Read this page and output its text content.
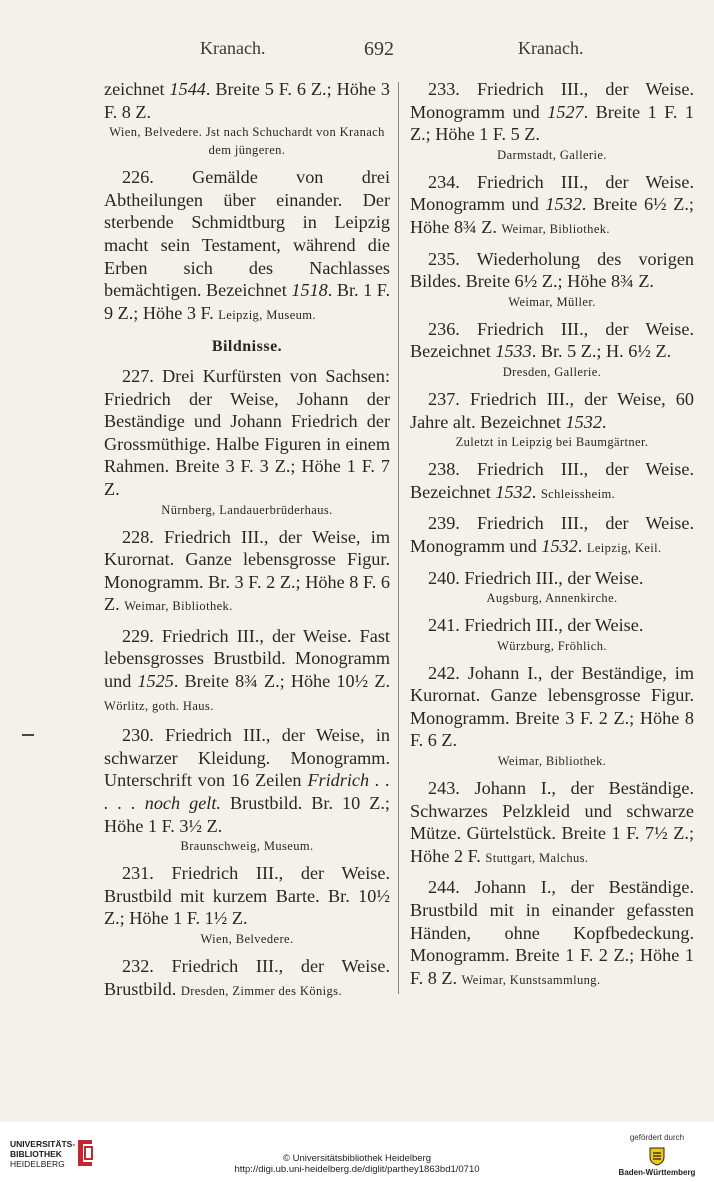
Kranach.	692	Kranach.

zeichnet 1544. Breite 5 F. 6 Z.; Höhe 3 F. 8 Z.
Wien, Belvedere. Jst nach Schuchardt von Kranach dem jüngeren.

226. Gemälde von drei Abtheilungen über einander. Der sterbende Schmidtburg in Leipzig macht sein Testament, während die Erben sich des Nachlasses bemächtigen. Bezeichnet 1518. Br. 1 F. 9 Z.; Höhe 3 F. Leipzig, Museum.

Bildnisse.

227. Drei Kurfürsten von Sachsen: Friedrich der Weise, Johann der Beständige und Johann Friedrich der Grossmüthige. Halbe Figuren in einem Rahmen. Breite 3 F. 3 Z.; Höhe 1 F. 7 Z.
Nürnberg, Landauerbrüderhaus.

228. Friedrich III., der Weise, im Kurornat. Ganze lebensgrosse Figur. Monogramm. Br. 3 F. 2 Z.; Höhe 8 F. 6 Z. Weimar, Bibliothek.

229. Friedrich III., der Weise. Fast lebensgrosses Brustbild. Monogramm und 1525. Breite 8¾ Z.; Höhe 10½ Z. Wörlitz, goth. Haus.

230. Friedrich III., der Weise, in schwarzer Kleidung. Monogramm. Unterschrift von 16 Zeilen Fridrich . . . . . noch gelt. Brustbild. Br. 10 Z.; Höhe 1 F. 3½ Z.
Braunschweig, Museum.

231. Friedrich III., der Weise. Brustbild mit kurzem Barte. Br. 10½ Z.; Höhe 1 F. 1½ Z.
Wien, Belvedere.

232. Friedrich III., der Weise. Brustbild. Dresden, Zimmer des Königs.

233. Friedrich III., der Weise. Monogramm und 1527. Breite 1 F. 1 Z.; Höhe 1 F. 5 Z.
Darmstadt, Gallerie.

234. Friedrich III., der Weise. Monogramm und 1532. Breite 6½ Z.; Höhe 8¾ Z. Weimar, Bibliothek.

235. Wiederholung des vorigen Bildes. Breite 6½ Z.; Höhe 8¾ Z.
Weimar, Müller.

236. Friedrich III., der Weise. Bezeichnet 1533. Br. 5 Z.; H. 6½ Z.
Dresden, Gallerie.

237. Friedrich III., der Weise, 60 Jahre alt. Bezeichnet 1532.
Zuletzt in Leipzig bei Baumgärtner.

238. Friedrich III., der Weise. Bezeichnet 1532. Schleissheim.

239. Friedrich III., der Weise. Monogramm und 1532. Leipzig, Keil.

240. Friedrich III., der Weise.
Augsburg, Annenkirche.

241. Friedrich III., der Weise.
Würzburg, Fröhlich.

242. Johann I., der Beständige, im Kurornat. Ganze lebensgrosse Figur. Monogramm. Breite 3 F. 2 Z.; Höhe 8 F. 6 Z.
Weimar, Bibliothek.

243. Johann I., der Beständige. Schwarzes Pelzkleid und schwarze Mütze. Gürtelstück. Breite 1 F. 7½ Z.; Höhe 2 F. Stuttgart, Malchus.

244. Johann I., der Beständige. Brustbild mit in einander gefassten Händen, ohne Kopfbedeckung. Monogramm. Breite 1 F. 2 Z.; Höhe 1 F. 8 Z. Weimar, Kunstsammlung.

UNIVERSITÄTS-
BIBLIOTHEK
HEIDELBERG	© Universitätsbibliothek Heidelberg
http://digi.ub.uni-heidelberg.de/diglit/parthey1863bd1/0710
gefördert durch
Baden-Württemberg
